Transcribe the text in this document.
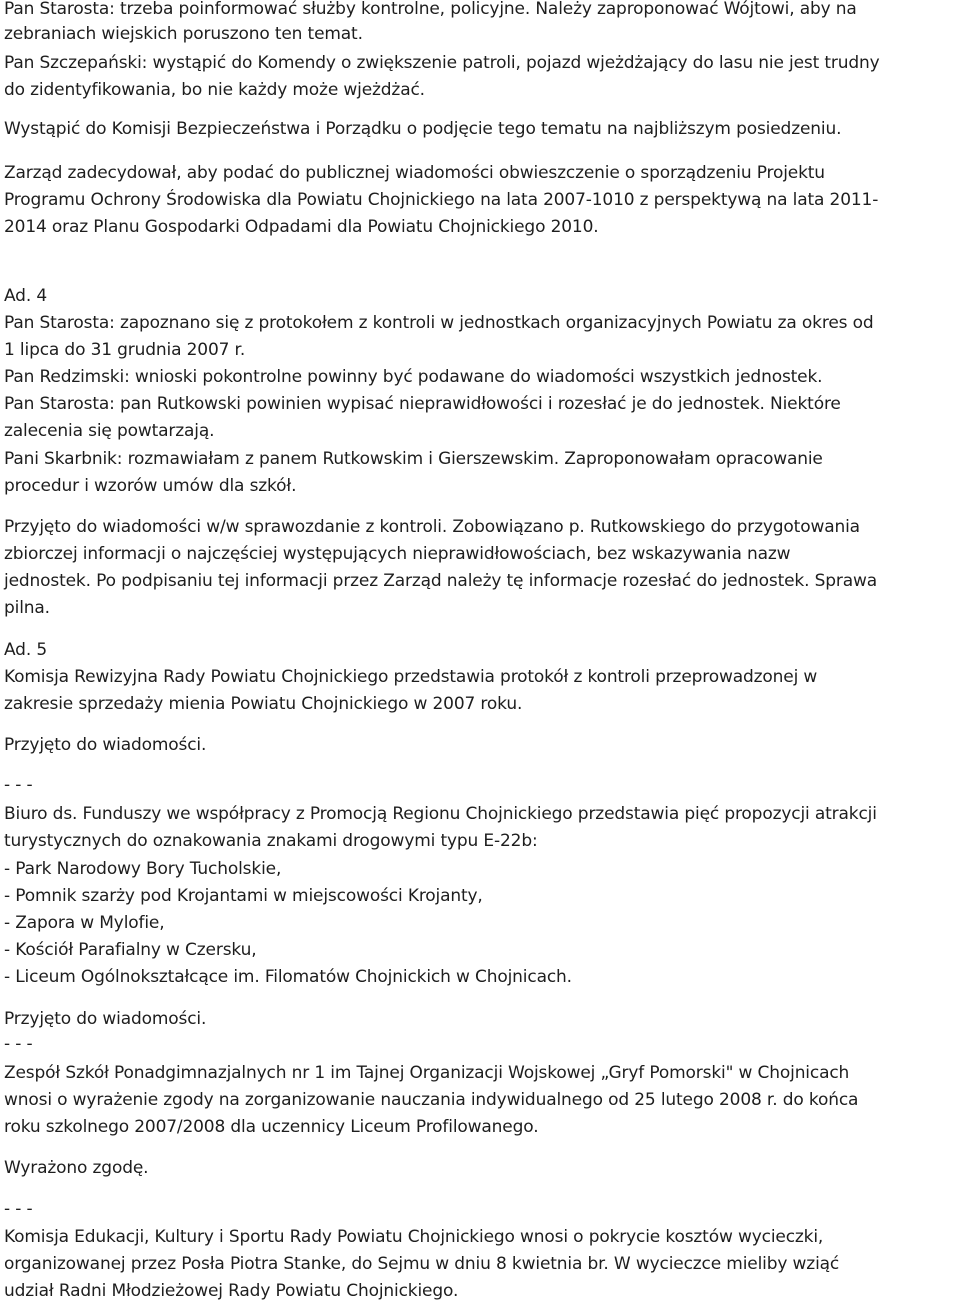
Pan Starosta: trzeba poinformować służby kontrolne, policyjne. Należy zaproponować Wójtowi, aby na
zebraniach wiejskich poruszono ten temat.
Pan Szczepański: wystąpić do Komendy o zwiększenie patroli, pojazd wjeżdżający do lasu nie jest trudny
do zidentyfikowania, bo nie każdy może wjeżdżać.
Wystąpić do Komisji Bezpieczeństwa i Porządku o podjęcie tego tematu na najbliższym posiedzeniu.
Zarząd zadecydował, aby podać do publicznej wiadomości obwieszczenie o sporządzeniu Projektu
Programu Ochrony Środowiska dla Powiatu Chojnickiego na lata 2007-1010 z perspektywą na lata 2011-
2014 oraz Planu Gospodarki Odpadami dla Powiatu Chojnickiego 2010.
Ad. 4
Pan Starosta: zapoznano się z protokołem z kontroli w jednostkach organizacyjnych Powiatu za okres od
1 lipca do 31 grudnia 2007 r.
Pan Redzimski: wnioski pokontrolne powinny być podawane do wiadomości wszystkich jednostek.
Pan Starosta: pan Rutkowski powinien wypisać nieprawidłowości i rozesłać je do jednostek. Niektóre
zalecenia się powtarzają.
Pani Skarbnik: rozmawiałam z panem Rutkowskim i Gierszewskim. Zaproponowałam opracowanie
procedur i wzorów umów dla szkół.
Przyjęto do wiadomości w/w sprawozdanie z kontroli. Zobowiązano p. Rutkowskiego do przygotowania
zbiorczej informacji o najczęściej występujących nieprawidłowościach, bez wskazywania nazw
jednostek. Po podpisaniu tej informacji przez Zarząd należy tę informacje rozesłać do jednostek. Sprawa
pilna.
Ad. 5
Komisja Rewizyjna Rady Powiatu Chojnickiego przedstawia protokół z kontroli przeprowadzonej w
zakresie sprzedaży mienia Powiatu Chojnickiego w 2007 roku.
Przyjęto do wiadomości.
- - -
Biuro ds. Funduszy we współpracy z Promocją Regionu Chojnickiego przedstawia pięć propozycji atrakcji
turystycznych do oznakowania znakami drogowymi typu E-22b:
- Park Narodowy Bory Tucholskie,
- Pomnik szarży pod Krojantami w miejscowości Krojanty,
- Zapora w Mylofie,
- Kościół Parafialny w Czersku,
- Liceum Ogólnokształcące im. Filomatów Chojnickich w Chojnicach.
Przyjęto do wiadomości.
- - -
Zespół Szkół Ponadgimnazjalnych nr 1 im Tajnej Organizacji Wojskowej „Gryf Pomorski" w Chojnicach
wnosi o wyrażenie zgody na zorganizowanie nauczania indywidualnego od 25 lutego 2008 r. do końca
roku szkolnego 2007/2008 dla uczennicy Liceum Profilowanego.
Wyrażono zgodę.
- - -
Komisja Edukacji, Kultury i Sportu Rady Powiatu Chojnickiego wnosi o pokrycie kosztów wycieczki,
organizowanej przez Posła Piotra Stanke, do Sejmu w dniu 8 kwietnia br. W wycieczce mieliby wziąć
udział Radni Młodzieżowej Rady Powiatu Chojnickiego.
